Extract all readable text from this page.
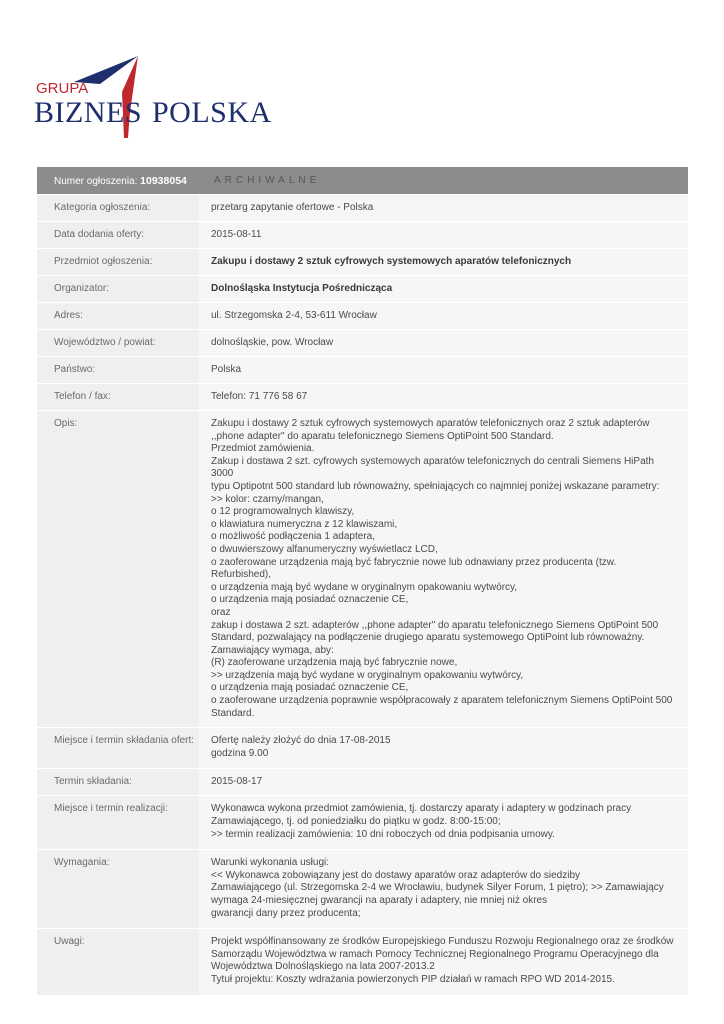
GRUPA
BIZNES POLSKA
Numer ogłoszenia: 10938054	ARCHIWALNE
Kategoria ogłoszenia:	przetarg zapytanie ofertowe - Polska
Data dodania oferty:	2015-08-11
Przedmiot ogłoszenia:	Zakupu i dostawy 2 sztuk cyfrowych systemowych aparatów telefonicznych
Organizator:	Dolnośląska Instytucja Pośrednicząca
Adres:	ul. Strzegomska 2-4, 53-611 Wrocław
Województwo / powiat:	dolnośląskie, pow. Wrocław
Państwo:	Polska
Telefon / fax:	Telefon: 71 776 58 67
Opis:	Zakupu i dostawy 2 sztuk cyfrowych systemowych aparatów telefonicznych oraz 2 sztuk adapterów
,,phone adapter" do aparatu telefonicznego Siemens OptiPoint 500 Standard.
Przedmiot zamówienia.
Zakup i dostawa 2 szt. cyfrowych systemowych aparatów telefonicznych do centrali Siemens HiPath 3000
typu Optipotnt 500 standard lub równoważny, spełniających co najmniej poniżej wskazane parametry:
>> kolor: czarny/mangan,
o 12 programowalnych klawiszy,
o klawiatura numeryczna z 12 klawiszami,
o możliwość podłączenia 1 adaptera,
o dwuwierszowy alfanumeryczny wyświetlacz LCD,
o zaoferowane urządzenia mają być fabrycznie nowe lub odnawiany przez producenta (tzw. Refurbished),
o urządzenia mają być wydane w oryginalnym opakowaniu wytwórcy,
o urządzenia mają posiadać oznaczenie CE,
oraz
zakup i dostawa 2 szt. adapterów ,,phone adapter" do aparatu telefonicznego Siemens OptiPoint 500
Standard, pozwalający na podłączenie drugiego aparatu systemowego OptiPoint lub równoważny.
Zamawiający wymaga, aby:
(R) zaoferowane urządzenia mają być fabrycznie nowe,
>> urządzenia mają być wydane w oryginalnym opakowaniu wytwórcy,
o urządzenia mają posiadać oznaczenie CE,
o zaoferowane urządzenia poprawnie współpracowały z aparatem telefonicznym Siemens OptiPoint 500
Standard.
Miejsce i termin składania ofert:	Ofertę należy złożyć do dnia 17-08-2015
godzina 9.00
Termin składania:	2015-08-17
Miejsce i termin realizacji:	Wykonawca wykona przedmiot zamówienia, tj. dostarczy aparaty i adaptery w godzinach pracy
Zamawiającego, tj. od poniedziałku do piątku w godz. 8:00-15:00;
>> termin realizacji zamówienia: 10 dni roboczych od dnia podpisania umowy.
Wymagania:	Warunki wykonania usługi:
<< Wykonawca zobowiązany jest do dostawy aparatów oraz adapterów do siedziby
Zamawiającego (ul. Strzegomska 2-4 we Wrocławiu, budynek Silyer Forum, 1 piętro); >> Zamawiający
wymaga 24-miesięcznej gwarancji na aparaty i adaptery, nie mniej niż okres
gwarancji dany przez producenta;
Uwagi:	Projekt współfinansowany ze środków Europejskiego Funduszu Rozwoju Regionalnego oraz ze środków
Samorządu Województwa w ramach Pomocy Technicznej Regionalnego Programu Operacyjnego dla
Województwa Dolnośląskiego na lata 2007-2013.2
Tytuł projektu: Koszty wdrażania powierzonych PIP działań w ramach RPO WD 2014-2015.
